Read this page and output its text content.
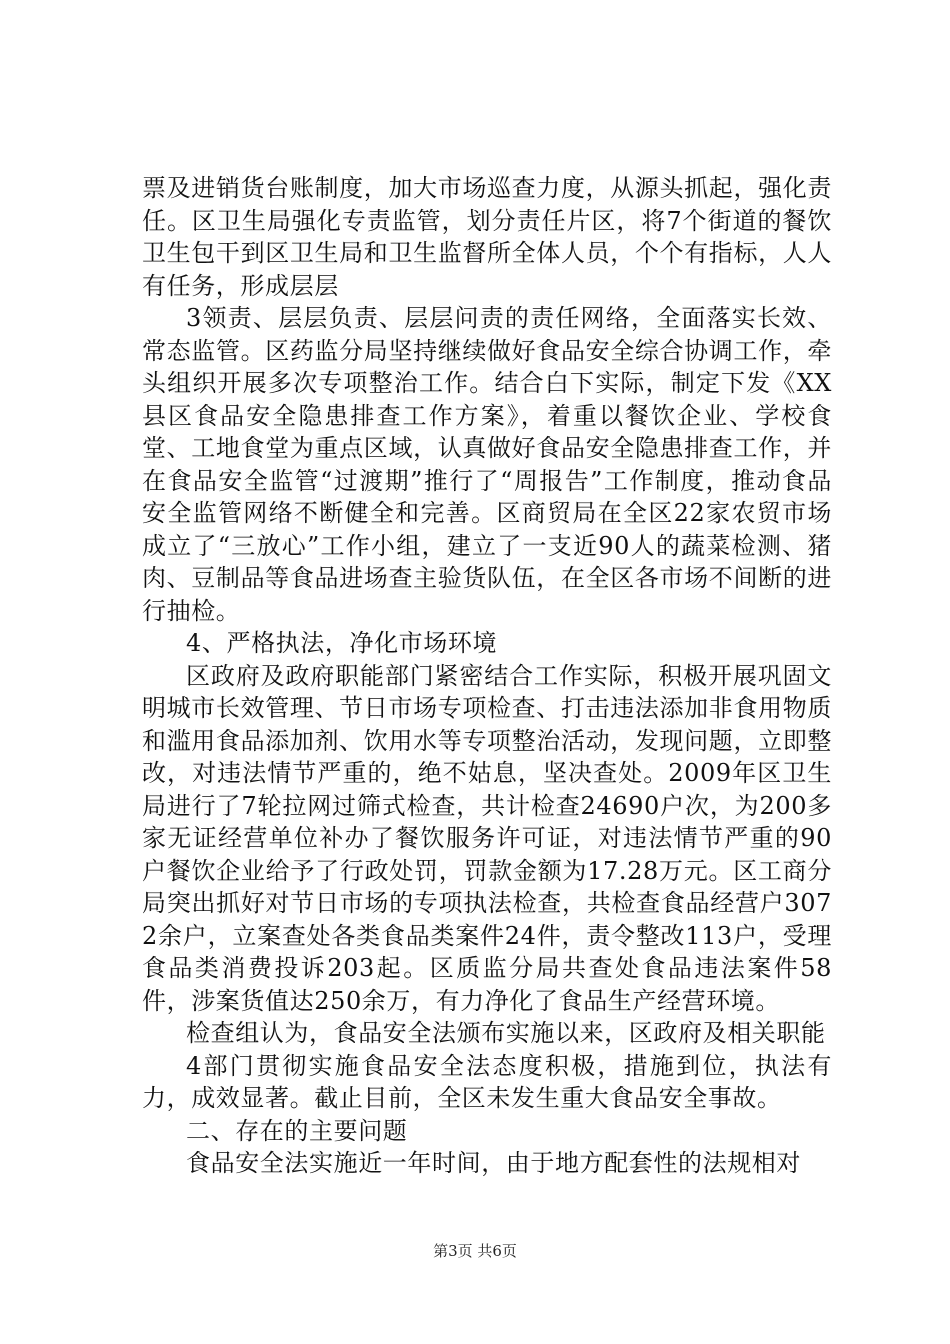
票及进销货台账制度，加大市场巡查力度，从源头抓起，强化责任。区卫生局强化专责监管，划分责任片区，将7个街道的餐饮卫生包干到区卫生局和卫生监督所全体人员，个个有指标，人人有任务，形成层层

3领责、层层负责、层层问责的责任网络，全面落实长效、常态监管。区药监分局坚持继续做好食品安全综合协调工作，牵头组织开展多次专项整治工作。结合白下实际，制定下发《XX县区食品安全隐患排查工作方案》，着重以餐饮企业、学校食堂、工地食堂为重点区域，认真做好食品安全隐患排查工作，并在食品安全监管“过渡期”推行了“周报告”工作制度，推动食品安全监管网络不断健全和完善。区商贸局在全区22家农贸市场成立了“三放心”工作小组，建立了一支近90人的蔬菜检测、猪肉、豆制品等食品进场查主验货队伍，在全区各市场不间断的进行抽检。

4、严格执法，净化市场环境

区政府及政府职能部门紧密结合工作实际，积极开展巩固文明城市长效管理、节日市场专项检查、打击违法添加非食用物质和滥用食品添加剂、饮用水等专项整治活动，发现问题，立即整改，对违法情节严重的，绝不姑息，坚决查处。2009年区卫生局进行了7轮拉网过筛式检查，共计检查24690户次，为200多家无证经营单位补办了餐饮服务许可证，对违法情节严重的90户餐饮企业给予了行政处罚，罚款金额为17.28万元。区工商分局突出抓好对节日市场的专项执法检查，共检查食品经营户3072余户，立案查处各类食品类案件24件，责令整改113户，受理食品类消费投诉203起。区质监分局共查处食品违法案件58件，涉案货值达250余万，有力净化了食品生产经营环境。

检查组认为，食品安全法颁布实施以来，区政府及相关职能

4部门贯彻实施食品安全法态度积极，措施到位，执法有力，成效显著。截止目前，全区未发生重大食品安全事故。

二、存在的主要问题

食品安全法实施近一年时间，由于地方配套性的法规相对

第3页 共6页
